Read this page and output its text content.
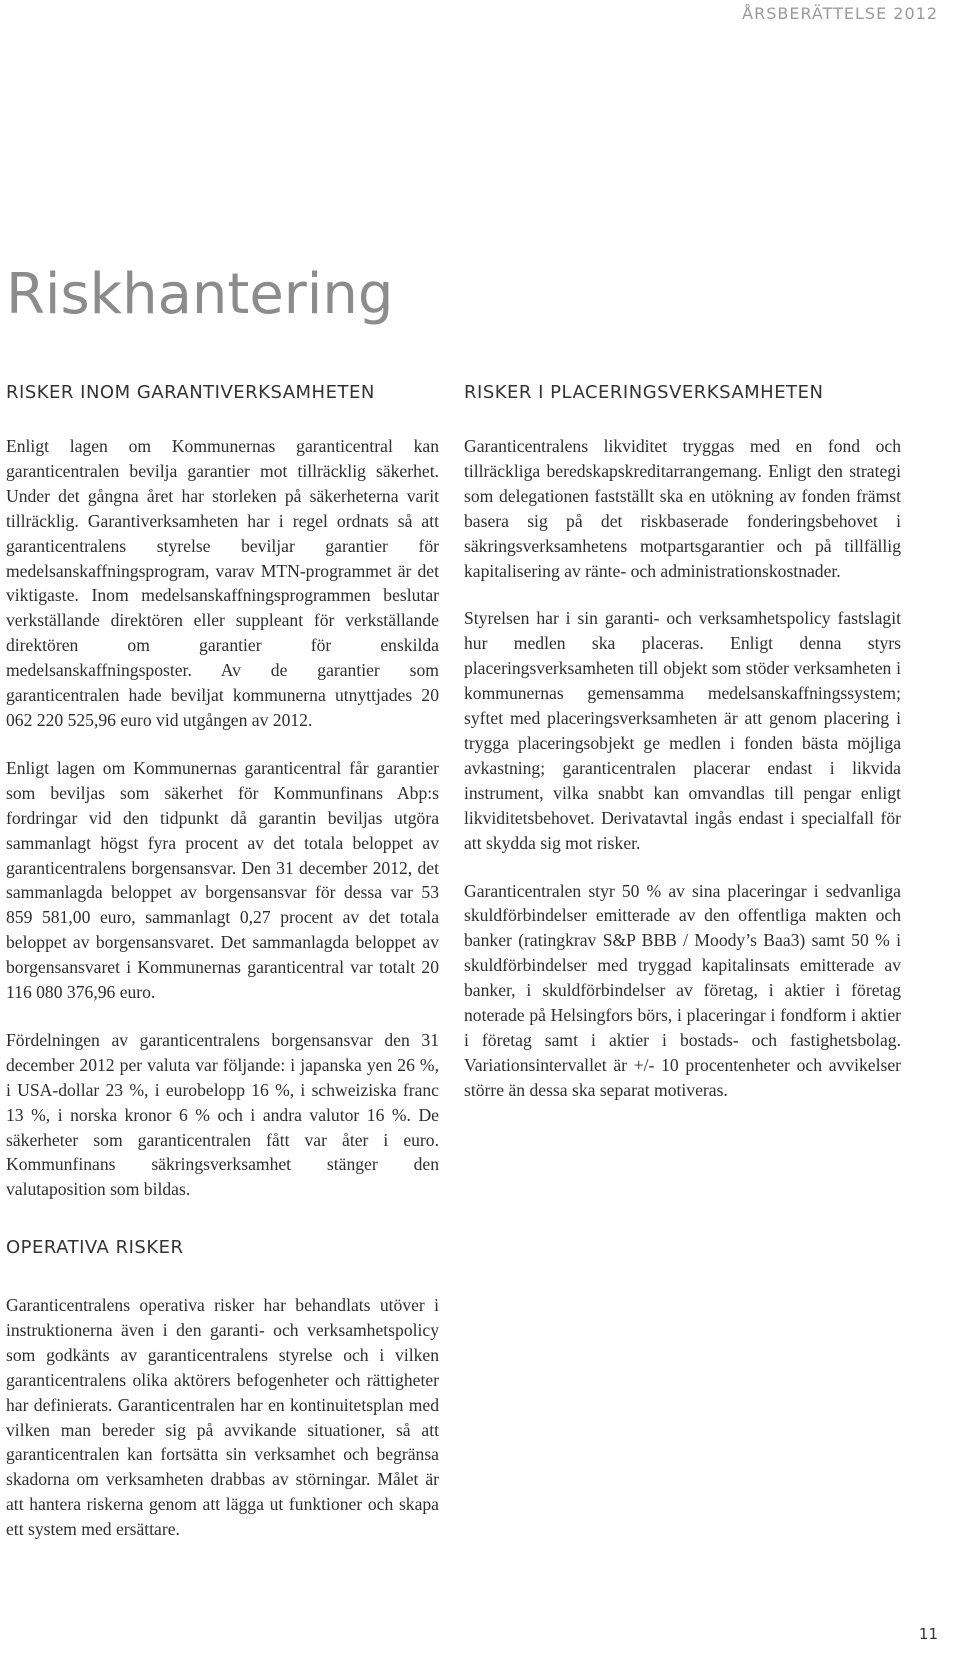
ÅRSBERÄTTELSE 2012
Riskhantering
RISKER INOM GARANTIVERKSAMHETEN

Enligt lagen om Kommunernas garanticentral kan garanticentralen bevilja garantier mot tillräcklig säkerhet. Under det gångna året har storleken på säkerheterna varit tillräcklig. Garantiverksamheten har i regel ordnats så att garanticentralens styrelse beviljar garantier för medelsanskaffningsprogram, varav MTN-programmet är det viktigaste. Inom medelsanskaffningsprogrammen beslutar verkställande direktören eller suppleant för verkställande direktören om garantier för enskilda medelsanskaffningsposter. Av de garantier som garanticentralen hade beviljat kommunerna utnyttjades 20 062 220 525,96 euro vid utgången av 2012.

Enligt lagen om Kommunernas garanticentral får garantier som beviljas som säkerhet för Kommunfinans Abp:s fordringar vid den tidpunkt då garantin beviljas utgöra sammanlagt högst fyra procent av det totala beloppet av garanticentralens borgensansvar. Den 31 december 2012, det sammanlagda beloppet av borgensansvar för dessa var 53 859 581,00 euro, sammanlagt 0,27 procent av det totala beloppet av borgensansvaret. Det sammanlagda beloppet av borgensansvaret i Kommunernas garanticentral var totalt 20 116 080 376,96 euro.

Fördelningen av garanticentralens borgensansvar den 31 december 2012 per valuta var följande: i japanska yen 26 %, i USA-dollar 23 %, i eurobelopp 16 %, i schweiziska franc 13 %, i norska kronor 6 % och i andra valutor 16 %. De säkerheter som garanticentralen fått var åter i euro. Kommunfinans säkringsverksamhet stänger den valutaposition som bildas.

RISKER I PLACERINGSVERKSAMHETEN

Garanticentralens likviditet tryggas med en fond och tillräckliga beredskapskreditarrangemang. Enligt den strategi som delegationen fastställt ska en utökning av fonden främst basera sig på det riskbaserade fonderingsbehovet i säkringsverksamhetens motpartsgarantier och på tillfällig kapitalisering av ränte- och administrationskostnader.

Styrelsen har i sin garanti- och verksamhetspolicy fastslagit hur medlen ska placeras. Enligt denna styrs placeringsverksamheten till objekt som stöder verksamheten i kommunernas gemensamma medelsanskaffningssystem; syftet med placeringsverksamheten är att genom placering i trygga placeringsobjekt ge medlen i fonden bästa möjliga avkastning; garanticentralen placerar endast i likvida instrument, vilka snabbt kan omvandlas till pengar enligt likviditetsbehovet. Derivatavtal ingås endast i specialfall för att skydda sig mot risker.

Garanticentralen styr 50 % av sina placeringar i sedvanliga skuldförbindelser emitterade av den offentliga makten och banker (ratingkrav S&P BBB / Moody’s Baa3) samt 50 % i skuldförbindelser med tryggad kapitalinsats emitterade av banker, i skuldförbindelser av företag, i aktier i företag noterade på Helsingfors börs, i placeringar i fondform i aktier i företag samt i aktier i bostads- och fastighetsbolag. Variationsintervallet är +/- 10 procentenheter och avvikelser större än dessa ska separat motiveras.

OPERATIVA RISKER

Garanticentralens operativa risker har behandlats utöver i instruktionerna även i den garanti- och verksamhetspolicy som godkänts av garanticentralens styrelse och i vilken garanticentralens olika aktörers befogenheter och rättigheter har definierats. Garanticentralen har en kontinuitetsplan med vilken man bereder sig på avvikande situationer, så att garanticentralen kan fortsätta sin verksamhet och begränsa skadorna om verksamheten drabbas av störningar. Målet är att hantera riskerna genom att lägga ut funktioner och skapa ett system med ersättare.

11
